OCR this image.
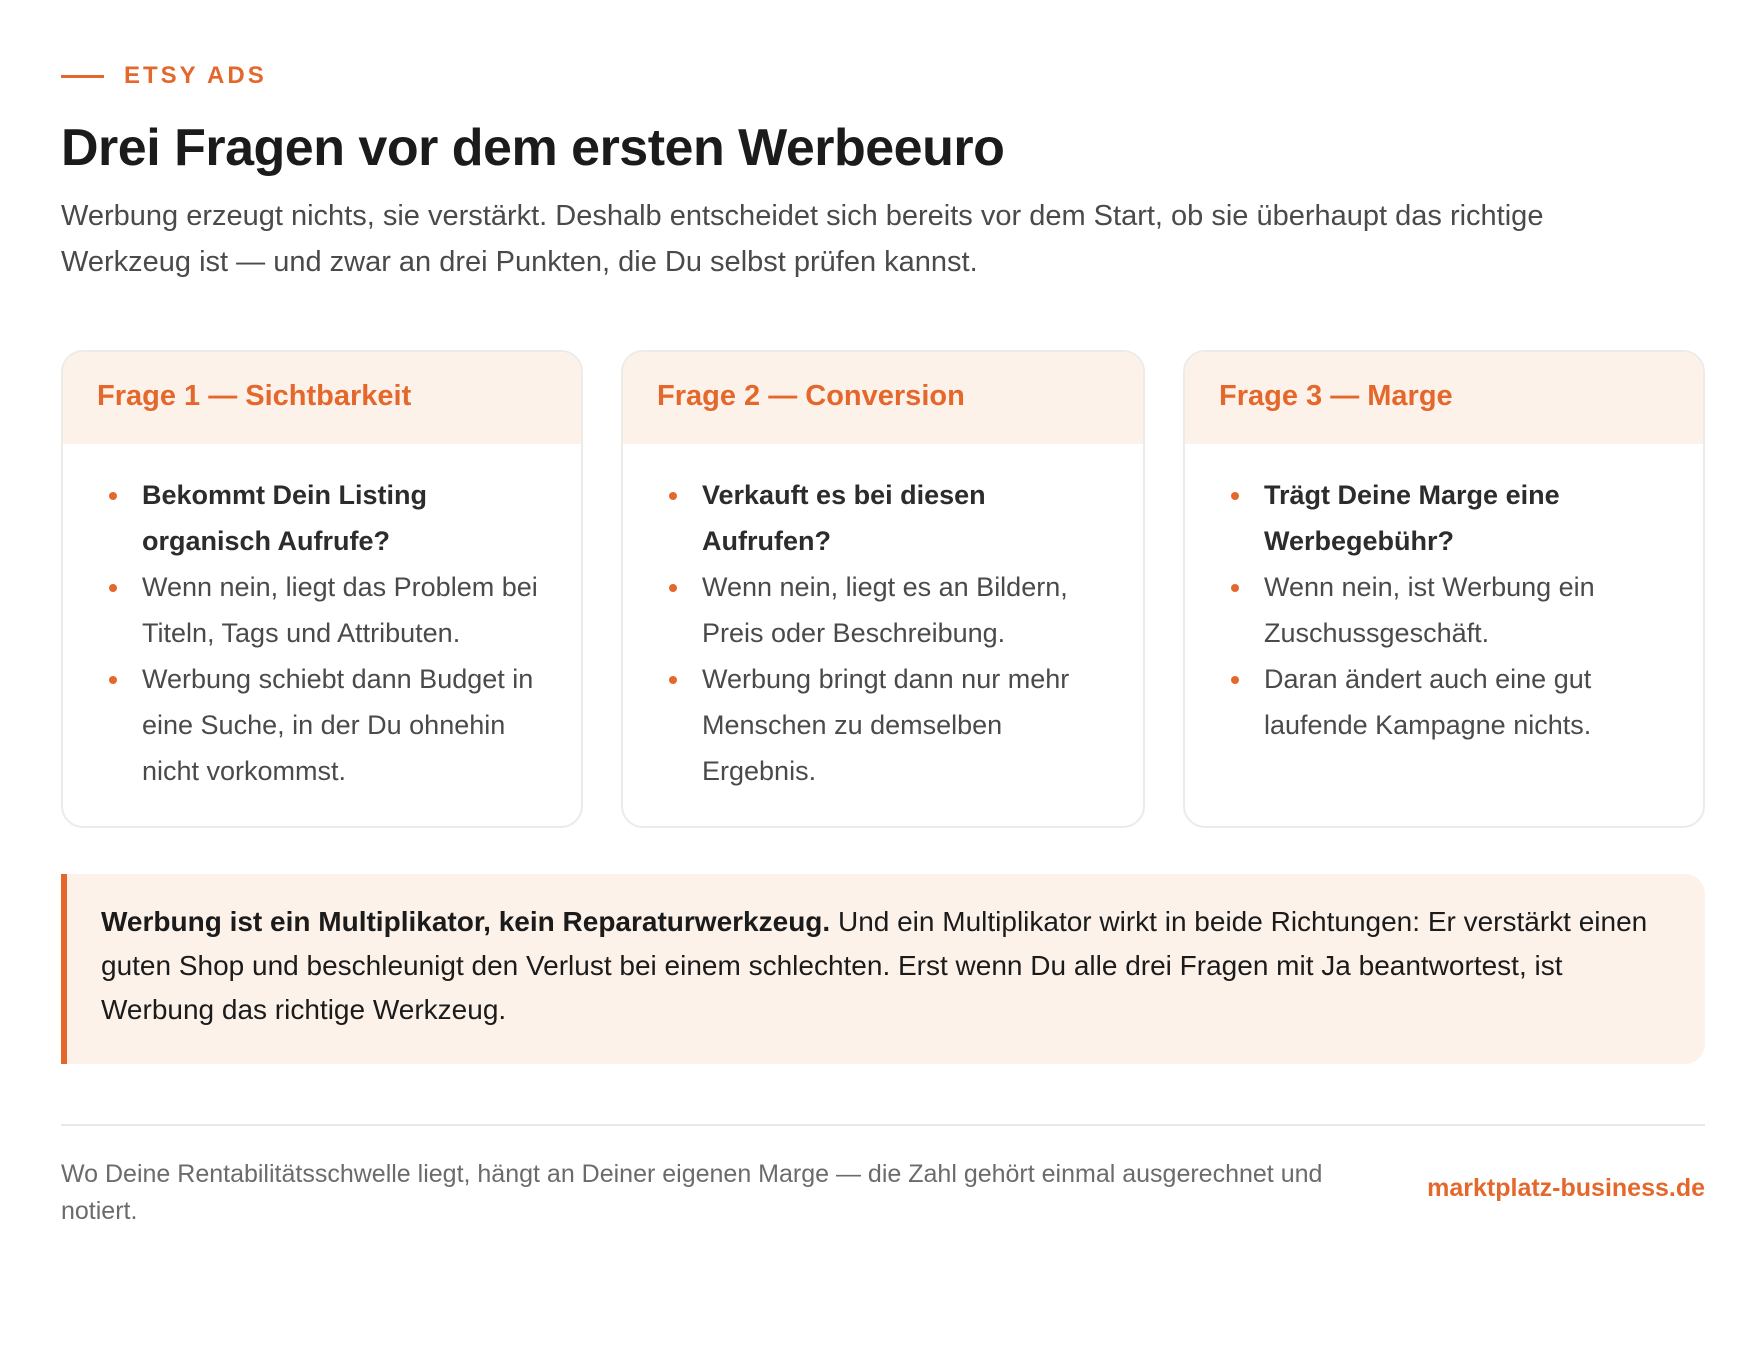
ETSY ADS
Drei Fragen vor dem ersten Werbeeuro

Werbung erzeugt nichts, sie verstärkt. Deshalb entscheidet sich bereits vor dem Start, ob sie überhaupt das richtige Werkzeug ist — und zwar an drei Punkten, die Du selbst prüfen kannst.

Frage 1 — Sichtbarkeit
Bekommt Dein Listing organisch Aufrufe?
Wenn nein, liegt das Problem bei Titeln, Tags und Attributen.
Werbung schiebt dann Budget in eine Suche, in der Du ohnehin nicht vorkommst.
Frage 2 — Conversion
Verkauft es bei diesen Aufrufen?
Wenn nein, liegt es an Bildern, Preis oder Beschreibung.
Werbung bringt dann nur mehr Menschen zu demselben Ergebnis.
Frage 3 — Marge
Trägt Deine Marge eine Werbegebühr?
Wenn nein, ist Werbung ein Zuschussgeschäft.
Daran ändert auch eine gut laufende Kampagne nichts.
Werbung ist ein Multiplikator, kein Reparaturwerkzeug. Und ein Multiplikator wirkt in beide Richtungen: Er verstärkt einen guten Shop und beschleunigt den Verlust bei einem schlechten. Erst wenn Du alle drei Fragen mit Ja beantwortest, ist Werbung das richtige Werkzeug.

Wo Deine Rentabilitätsschwelle liegt, hängt an Deiner eigenen Marge — die Zahl gehört einmal ausgerechnet und notiert.

marktplatz-business.de
